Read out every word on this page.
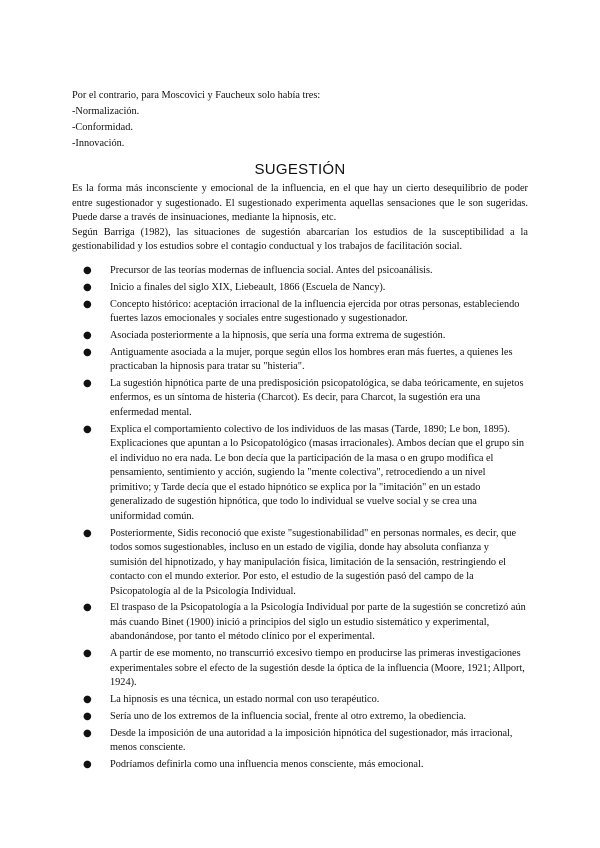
Por el contrario, para Moscovici y Faucheux solo había tres:

-Normalización.

-Conformidad.

-Innovación.

SUGESTIÓN

Es la forma más inconsciente y emocional de la influencia, en el que hay un cierto desequilibrio de poder entre sugestionador y sugestionado. El sugestionado experimenta aquellas sensaciones que le son sugeridas. Puede darse a través de insinuaciones, mediante la hipnosis, etc.

Según Barriga (1982), las situaciones de sugestión abarcarían los estudios de la susceptibilidad a la gestionabilidad y los estudios sobre el contagio conductual y los trabajos de facilitación social.

● Precursor de las teorías modernas de influencia social. Antes del psicoanálisis.
● Inicio a finales del siglo XIX, Liebeault, 1866 (Escuela de Nancy).
● Concepto histórico: aceptación irracional de la influencia ejercida por otras personas, estableciendo fuertes lazos emocionales y sociales entre sugestionado y sugestionador.
● Asociada posteriormente a la hipnosis, que sería una forma extrema de sugestión.
● Antiguamente asociada a la mujer, porque según ellos los hombres eran más fuertes, a quienes les practicaban la hipnosis para tratar su "histeria".
● La sugestión hipnótica parte de una predisposición psicopatológica, se daba teóricamente, en sujetos enfermos, es un síntoma de histeria (Charcot). Es decir, para Charcot, la sugestión era una enfermedad mental.
● Explica el comportamiento colectivo de los individuos de las masas (Tarde, 1890; Le bon, 1895). Explicaciones que apuntan a lo Psicopatológico (masas irracionales). Ambos decían que el grupo sin el individuo no era nada. Le bon decía que la participación de la masa o en grupo modifica el pensamiento, sentimiento y acción, sugiendo la "mente colectiva", retrocediendo a un nivel primitivo; y Tarde decía que el estado hipnótico se explica por la "imitación" en un estado generalizado de sugestión hipnótica, que todo lo individual se vuelve social y se crea una uniformidad común.
● Posteriormente, Sidis reconoció que existe "sugestionabilidad" en personas normales, es decir, que todos somos sugestionables, incluso en un estado de vigilia, donde hay absoluta confianza y sumisión del hipnotizado, y hay manipulación física, limitación de la sensación, restringiendo el contacto con el mundo exterior. Por esto, el estudio de la sugestión pasó del campo de la Psicopatología al de la Psicología Individual.
● El traspaso de la Psicopatología a la Psicología Individual por parte de la sugestión se concretizó aún más cuando Binet (1900) inició a principios del siglo un estudio sistemático y experimental, abandonándose, por tanto el método clínico por el experimental.
● A partir de ese momento, no transcurrió excesivo tiempo en producirse las primeras investigaciones experimentales sobre el efecto de la sugestión desde la óptica de la influencia (Moore, 1921; Allport, 1924).
● La hipnosis es una técnica, un estado normal con uso terapéutico.
● Sería uno de los extremos de la influencia social, frente al otro extremo, la obediencia.
● Desde la imposición de una autoridad a la imposición hipnótica del sugestionador, más irracional, menos consciente.
● Podríamos definirla como una influencia menos consciente, más emocional.
